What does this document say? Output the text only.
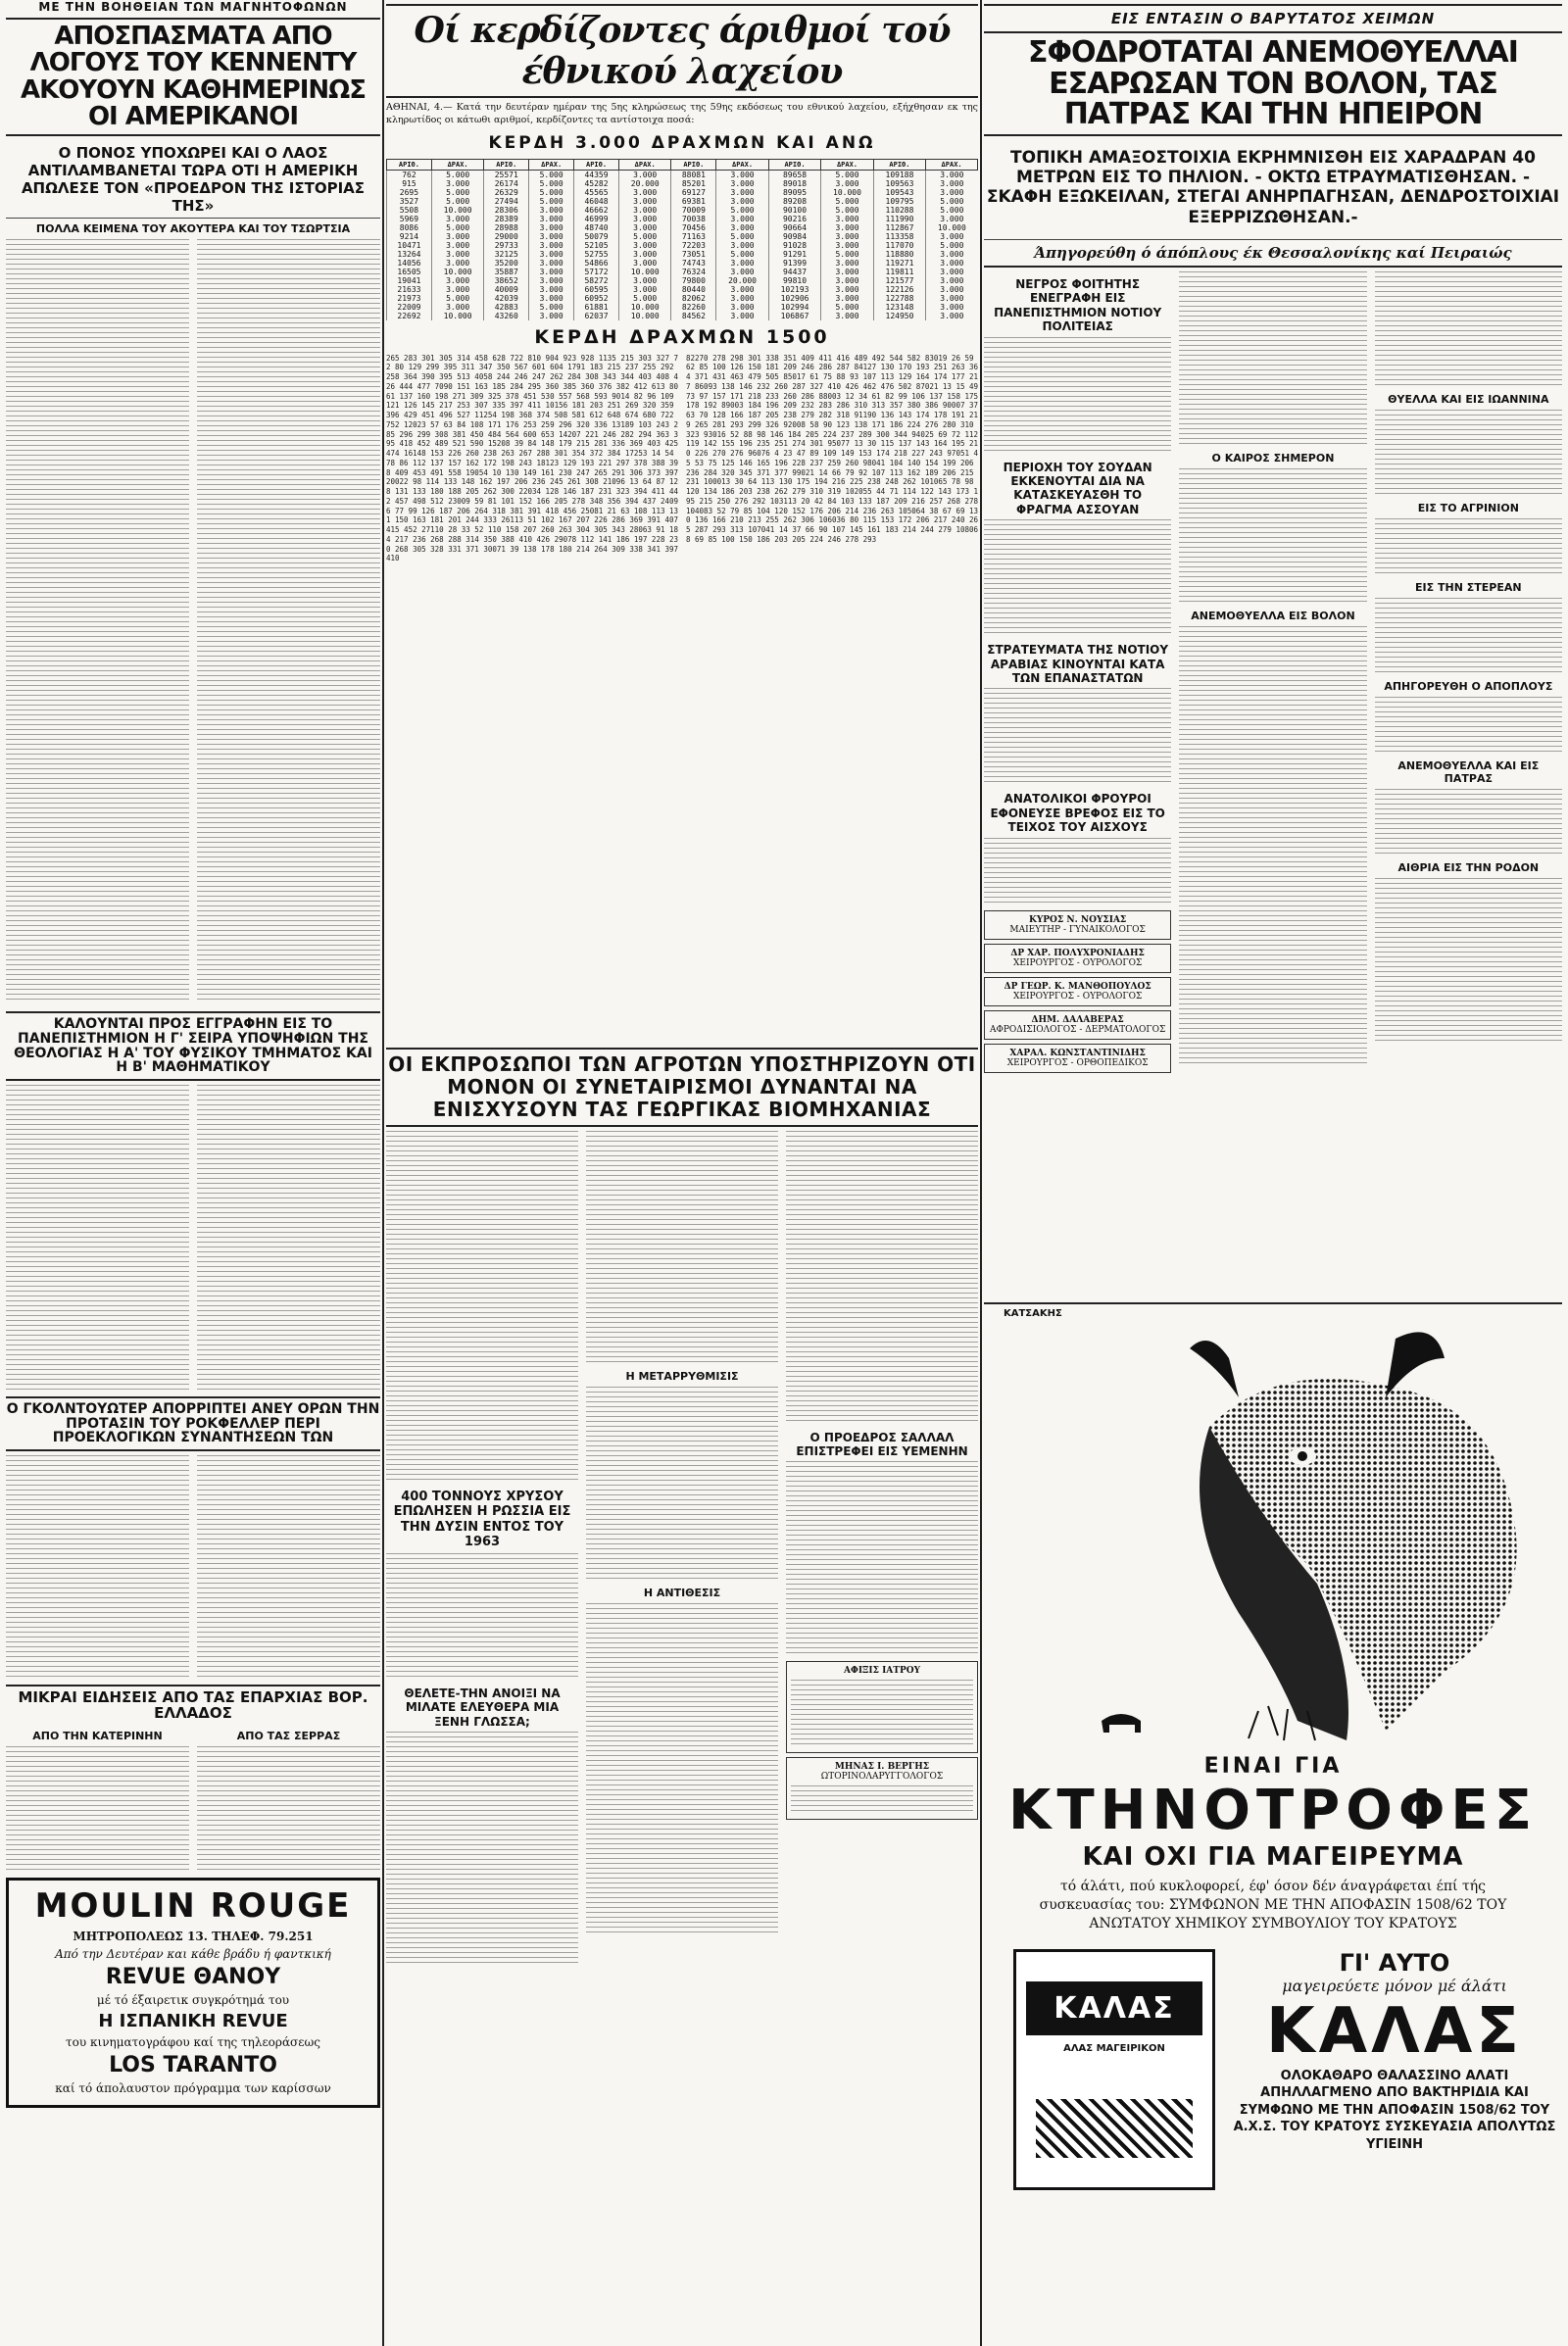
ΜΕ ΤΗΝ ΒΟΗΘΕΙΑΝ ΤΩΝ ΜΑΓΝΗΤΟΦΩΝΩΝ
ΑΠΟΣΠΑΣΜΑΤΑ ΑΠΟ ΛΟΓΟΥΣ ΤΟΥ ΚΕΝΝΕΝΤΥ ΑΚΟΥΟΥΝ ΚΑΘΗΜΕΡΙΝΩΣ ΟΙ ΑΜΕΡΙΚΑΝΟΙ
Ο ΠΟΝΟΣ ΥΠΟΧΩΡΕΙ ΚΑΙ Ο ΛΑΟΣ ΑΝΤΙΛΑΜΒΑΝΕΤΑΙ ΤΩΡΑ ΟΤΙ Η ΑΜΕΡΙΚΗ ΑΠΩΛΕΣΕ ΤΟΝ «ΠΡΟΕΔΡΟΝ ΤΗΣ ΙΣΤΟΡΙΑΣ ΤΗΣ»
ΠΟΛΛΑ ΚΕΙΜΕΝΑ ΤΟΥ ΑΚΟΥΤΕΡΑ ΚΑΙ ΤΟΥ ΤΣΩΡΤΣΙΑ
ΚΑΛΟΥΝΤΑΙ ΠΡΟΣ ΕΓΓΡΑΦΗΝ ΕΙΣ ΤΟ ΠΑΝΕΠΙΣΤΗΜΙΟΝ Η Γ' ΣΕΙΡΑ ΥΠΟΨΗΦΙΩΝ ΤΗΣ ΘΕΟΛΟΓΙΑΣ Η Α' ΤΟΥ ΦΥΣΙΚΟΥ ΤΜΗΜΑΤΟΣ ΚΑΙ Η Β' ΜΑΘΗΜΑΤΙΚΟΥ
Ο ΓΚΟΛΝΤΟΥΩΤΕΡ ΑΠΟΡΡΙΠΤΕΙ ΑΝΕΥ ΟΡΩΝ ΤΗΝ ΠΡΟΤΑΣΙΝ ΤΟΥ ΡΟΚΦΕΛΛΕΡ ΠΕΡΙ ΠΡΟΕΚΛΟΓΙΚΩΝ ΣΥΝΑΝΤΗΣΕΩΝ ΤΩΝ
ΜΙΚΡΑΙ ΕΙΔΗΣΕΙΣ ΑΠΟ ΤΑΣ ΕΠΑΡΧΙΑΣ ΒΟΡ. ΕΛΛΑΔΟΣ
ΑΠΟ ΤΗΝ ΚΑΤΕΡΙΝΗΝ	ΑΠΟ ΤΑΣ ΣΕΡΡΑΣ
MOULIN ROUGE
ΜΗΤΡΟΠΟΛΕΩΣ 13. ΤΗΛΕΦ. 79.251
Από την Δευτέραν και κάθε βράδυ ή φαντκική
REVUE ΘΑΝΟΥ
μέ τό έξαιρετικ συγκρότημά του
Η ΙΣΠΑΝΙΚΗ REVUE
του κινηματογράφου καί της τηλεοράσεως
LOS TARANTO
καί τό άπολαυστον πρόγραμμα των καρίσσων
Οί κερδίζοντες άριθμοί τού έθνικού λαχείου
ΑΘΗΝΑΙ, 4.— Κατά την δευτέραν ημέραν της 5ης κληρώσεως της 59ης εκδόσεως του εθνικού λαχείου, εξήχθησαν εκ της κληρωτίδος οι κάτωθι αριθμοί, κερδίζοντες τα αντίστοιχα ποσά:
ΚΕΡΔΗ 3.000 ΔΡΑΧΜΩΝ ΚΑΙ ΑΝΩ
ΑΡΙΘ.	ΔΡΑΧ.	ΑΡΙΘ.	ΔΡΑΧ.	ΑΡΙΘ.	ΔΡΑΧ.	ΑΡΙΘ.	ΔΡΑΧ.	ΑΡΙΘ.	ΔΡΑΧ.	ΑΡΙΘ.	ΔΡΑΧ.
762	5.000	25571	5.000	44359	3.000	88081	3.000	89658	5.000	109188	3.000
915	3.000	26174	5.000	45282	20.000	85201	3.000	89018	3.000	109563	3.000
2695	5.000	26329	5.000	45565	3.000	69127	3.000	89095	10.000	109543	3.000
3527	5.000	27494	5.000	46048	3.000	69381	3.000	89208	5.000	109795	5.000
5508	10.000	28306	3.000	46662	3.000	70009	5.000	90100	5.000	110288	5.000
5969	3.000	28389	3.000	46999	3.000	70038	3.000	90216	3.000	111990	3.000
8086	5.000	28988	3.000	48740	3.000	70456	3.000	90664	3.000	112867	10.000
9214	3.000	29000	3.000	50079	5.000	71163	5.000	90984	3.000	113358	3.000
10471	3.000	29733	3.000	52105	3.000	72203	3.000	91028	3.000	117070	5.000
13264	3.000	32125	3.000	52755	3.000	73051	5.000	91291	5.000	118880	3.000
14056	3.000	35200	3.000	54866	3.000	74743	3.000	91399	3.000	119271	3.000
16505	10.000	35887	3.000	57172	10.000	76324	3.000	94437	3.000	119811	3.000
19041	3.000	38652	3.000	58272	3.000	79800	20.000	99810	3.000	121577	3.000
21633	3.000	40009	3.000	60595	3.000	80440	3.000	102193	3.000	122126	3.000
21973	5.000	42039	3.000	60952	5.000	82062	3.000	102906	3.000	122788	3.000
22009	3.000	42883	5.000	61881	10.000	82260	3.000	102994	5.000	123148	3.000
22692	10.000	43260	3.000	62037	10.000	84562	3.000	106867	3.000	124950	3.000
ΚΕΡΔΗ ΔΡΑΧΜΩΝ 1500
265 283 301 305 314 458 628 722 810 904 923 928 1135 215 303 327 72 80 129 299 395 311 347 350 567 601 604 1791 183 215 237 255 292 258 364 390 395 513 4058 244 246 247 262 284 308 343 344 403 408 426 444 477 7090 151 163 185 284 295 360 385 360 376 382 412 613 8061 137 160 198 271 309 325 378 451 530 557 568 593 9014 82 96 109 121 126 145 217 253 307 335 397 411 10156 181 203 251 269 320 359 396 429 451 496 527 11254 198 368 374 508 581 612 648 674 680 722 752 12023 57 63 84 108 171 176 253 259 296 320 336 13189 103 243 285 296 299 308 381 450 484 564 600 653 14207 221 246 282 294 363 395 418 452 489 521 590 15208 39 84 148 179 215 281 336 369 403 425 474 16148 153 226 260 238 263 267 288 301 354 372 384 17253 14 54 78 86 112 137 157 162 172 198 243 18123 129 193 221 297 378 388 398 409 453 491 558 19054 10 130 149 161 230 247 265 291 306 373 397 20022 98 114 133 148 162 197 206 236 245 261 308 21096 13 64 87 128 131 133 180 188 205 262 300 22034 128 146 187 231 323 394 411 442 457 498 512 23009 59 81 101 152 166 205 278 348 356 394 437 24096 77 99 126 187 206 264 318 381 391 418 456 25081 21 63 108 113 131 150 163 181 201 244 333 26113 51 102 167 207 226 286 369 391 407 415 452 27110 28 33 52 110 158 207 260 263 304 305 343 28063 91 184 217 236 268 288 314 350 388 410 426 29078 112 141 186 197 228 230 268 305 328 331 371 30071 39 138 178 180 214 264 309 338 341 397 410
82270 278 298 301 338 351 409 411 416 489 492 544 582 83019 26 59 62 85 100 126 150 181 209 246 286 287 84127 130 170 193 251 263 364 371 431 463 479 505 85017 61 75 88 93 107 113 129 164 174 177 217 86093 138 146 232 260 287 327 410 426 462 476 502 87021 13 15 49 73 97 157 171 218 233 260 286 88003 12 34 61 82 99 106 137 158 175 178 192 89003 184 196 209 232 283 286 310 313 357 380 386 90007 37 63 70 128 166 187 205 238 279 282 318 91190 136 143 174 178 191 219 265 281 293 299 326 92008 58 90 123 138 171 186 224 276 280 310 323 93016 52 88 98 146 184 205 224 237 289 300 344 94025 69 72 112 119 142 155 196 235 251 274 301 95077 13 30 115 137 143 164 195 210 226 270 276 96076 4 23 47 89 109 149 153 174 218 227 243 97051 45 53 75 125 146 165 196 228 237 259 260 98041 104 140 154 199 206 236 284 320 345 371 377 99021 14 66 79 92 107 113 162 189 206 215 231 100013 30 64 113 130 175 194 216 225 238 248 262 101065 78 98 120 134 186 203 238 262 279 310 319 102055 44 71 114 122 143 173 195 215 250 276 292 103113 20 42 84 103 133 187 209 216 257 268 278 104083 52 79 85 104 120 152 176 206 214 236 263 105064 38 67 69 130 136 166 210 213 255 262 306 106036 80 115 153 172 206 217 240 265 287 293 313 107041 14 37 66 90 107 145 161 183 214 244 279 108068 69 85 100 150 186 203 205 224 246 278 293
ΟΙ ΕΚΠΡΟΣΩΠΟΙ ΤΩΝ ΑΓΡΟΤΩΝ ΥΠΟΣΤΗΡΙΖΟΥΝ ΟΤΙ ΜΟΝΟΝ ΟΙ ΣΥΝΕΤΑΙΡΙΣΜΟΙ ΔΥΝΑΝΤΑΙ ΝΑ ΕΝΙΣΧΥΣΟΥΝ ΤΑΣ ΓΕΩΡΓΙΚΑΣ ΒΙΟΜΗΧΑΝΙΑΣ
400 ΤΟΝΝΟΥΣ ΧΡΥΣΟΥ ΕΠΩΛΗΣΕΝ Η ΡΩΣΣΙΑ ΕΙΣ ΤΗΝ ΔΥΣΙΝ ΕΝΤΟΣ ΤΟΥ 1963
ΘΕΛΕΤΕ-ΤΗΝ ΑΝΟΙΞΙ ΝΑ ΜΙΛΑΤΕ ΕΛΕΥΘΕΡΑ ΜΙΑ ΞΕΝΗ ΓΛΩΣΣΑ;
Η ΜΕΤΑΡΡΥΘΜΙΣΙΣ
Η ΑΝΤΙΘΕΣΙΣ
Ο ΠΡΟΕΔΡΟΣ ΣΑΛΛΑΛ ΕΠΙΣΤΡΕΦΕΙ ΕΙΣ ΥΕΜΕΝΗΝ
ΑΦΙΞΙΣ ΙΑΤΡΟΥ
ΜΗΝΑΣ Ι. ΒΕΡΓΗΣ
ΩΤΟΡΙΝΟΛΑΡΥΓΓΟΛΟΓΟΣ
ΕΙΣ ΕΝΤΑΣΙΝ Ο ΒΑΡΥΤΑΤΟΣ ΧΕΙΜΩΝ
ΣΦΟΔΡΟΤΑΤΑΙ ΑΝΕΜΟΘΥΕΛΛΑΙ ΕΣΑΡΩΣΑΝ ΤΟΝ ΒΟΛΟΝ, ΤΑΣ ΠΑΤΡΑΣ ΚΑΙ ΤΗΝ ΗΠΕΙΡΟΝ
ΤΟΠΙΚΗ ΑΜΑΞΟΣΤΟΙΧΙΑ ΕΚΡΗΜΝΙΣΘΗ ΕΙΣ ΧΑΡΑΔΡΑΝ 40 ΜΕΤΡΩΝ ΕΙΣ ΤΟ ΠΗΛΙΟΝ. - ΟΚΤΩ ΕΤΡΑΥΜΑΤΙΣΘΗΣΑΝ. - ΣΚΑΦΗ ΕΞΩΚΕΙΛΑΝ, ΣΤΕΓΑΙ ΑΝΗΡΠΑΓΗΣΑΝ, ΔΕΝΔΡΟΣΤΟΙΧΙΑΙ ΕΞΕΡΡΙΖΩΘΗΣΑΝ.-
Άπηγορεύθη ό άπόπλους έκ Θεσσαλονίκης καί Πειραιώς
ΝΕΓΡΟΣ ΦΟΙΤΗΤΗΣ ΕΝΕΓΡΑΦΗ ΕΙΣ ΠΑΝΕΠΙΣΤΗΜΙΟΝ ΝΟΤΙΟΥ ΠΟΛΙΤΕΙΑΣ
ΠΕΡΙΟΧΗ ΤΟΥ ΣΟΥΔΑΝ ΕΚΚΕΝΟΥΤΑΙ ΔΙΑ ΝΑ ΚΑΤΑΣΚΕΥΑΣΘΗ ΤΟ ΦΡΑΓΜΑ ΑΣΣΟΥΑΝ
ΣΤΡΑΤΕΥΜΑΤΑ ΤΗΣ ΝΟΤΙΟΥ ΑΡΑΒΙΑΣ ΚΙΝΟΥΝΤΑΙ ΚΑΤΑ ΤΩΝ ΕΠΑΝΑΣΤΑΤΩΝ
ΑΝΑΤΟΛΙΚΟΙ ΦΡΟΥΡΟΙ ΕΦΟΝΕΥΣΕ ΒΡΕΦΟΣ ΕΙΣ ΤΟ ΤΕΙΧΟΣ ΤΟΥ ΑΙΣΧΟΥΣ
ΚΥΡΟΣ Ν. ΝΟΥΣΙΑΣ
ΜΑΙΕΥΤΗΡ - ΓΥΝΑΙΚΟΛΟΓΟΣ
ΔΡ ΧΑΡ. ΠΟΛΥΧΡΟΝΙΑΔΗΣ
ΧΕΙΡΟΥΡΓΟΣ - ΟΥΡΟΛΟΓΟΣ
ΔΡ ΓΕΩΡ. Κ. ΜΑΝΘΟΠΟΥΛΟΣ
ΧΕΙΡΟΥΡΓΟΣ - ΟΥΡΟΛΟΓΟΣ
ΔΗΜ. ΔΑΛΑΒΕΡΑΣ
ΑΦΡΟΔΙΣΙΟΛΟΓΟΣ - ΔΕΡΜΑΤΟΛΟΓΟΣ
ΧΑΡΑΛ. ΚΩΝΣΤΑΝΤΙΝΙΔΗΣ
ΧΕΙΡΟΥΡΓΟΣ - ΟΡΘΟΠΕΔΙΚΟΣ
Ο ΚΑΙΡΟΣ ΣΗΜΕΡΟΝ
ΑΝΕΜΟΘΥΕΛΛΑ ΕΙΣ ΒΟΛΟΝ
ΘΥΕΛΛΑ ΚΑΙ ΕΙΣ ΙΩΑΝΝΙΝΑ
ΕΙΣ ΤΟ ΑΓΡΙΝΙΟΝ
ΕΙΣ ΤΗΝ ΣΤΕΡΕΑΝ
ΑΠΗΓΟΡΕΥΘΗ Ο ΑΠΟΠΛΟΥΣ
ΑΝΕΜΟΘΥΕΛΛΑ ΚΑΙ ΕΙΣ ΠΑΤΡΑΣ
ΑΙΘΡΙΑ ΕΙΣ ΤΗΝ ΡΟΔΟΝ
ΚΑΤΣΑΚΗΣ
ΕΙΝΑΙ ΓΙΑ
ΚΤΗΝΟΤΡΟΦΕΣ
ΚΑΙ ΟΧΙ ΓΙΑ ΜΑΓΕΙΡΕΥΜΑ
τό άλάτι, πού κυκλοφορεί, έφ' όσον δέν άναγράφεται έπί τής συσκευασίας του: ΣΥΜΦΩΝΟΝ ΜΕ ΤΗΝ ΑΠΟΦΑΣΙΝ 1508/62 ΤΟΥ ΑΝΩΤΑΤΟΥ ΧΗΜΙΚΟΥ ΣΥΜΒΟΥΛΙΟΥ ΤΟΥ ΚΡΑΤΟΥΣ
ΚΑΛΑΣ
ΑΛΑΣ ΜΑΓΕΙΡΙΚΟΝ
ΓΙ' ΑΥΤΟ
μαγειρεύετε μόνον μέ άλάτι
ΚΑΛΑΣ
ΟΛΟΚΑΘΑΡΟ ΘΑΛΑΣΣΙΝΟ ΑΛΑΤΙ ΑΠΗΛΛΑΓΜΕΝΟ ΑΠΟ ΒΑΚΤΗΡΙΔΙΑ ΚΑΙ ΣΥΜΦΩΝΟ ΜΕ ΤΗΝ ΑΠΟΦΑΣΙΝ 1508/62 ΤΟΥ Α.Χ.Σ. ΤΟΥ ΚΡΑΤΟΥΣ ΣΥΣΚΕΥΑΣΙΑ ΑΠΟΛΥΤΩΣ ΥΓΙΕΙΝΗ
